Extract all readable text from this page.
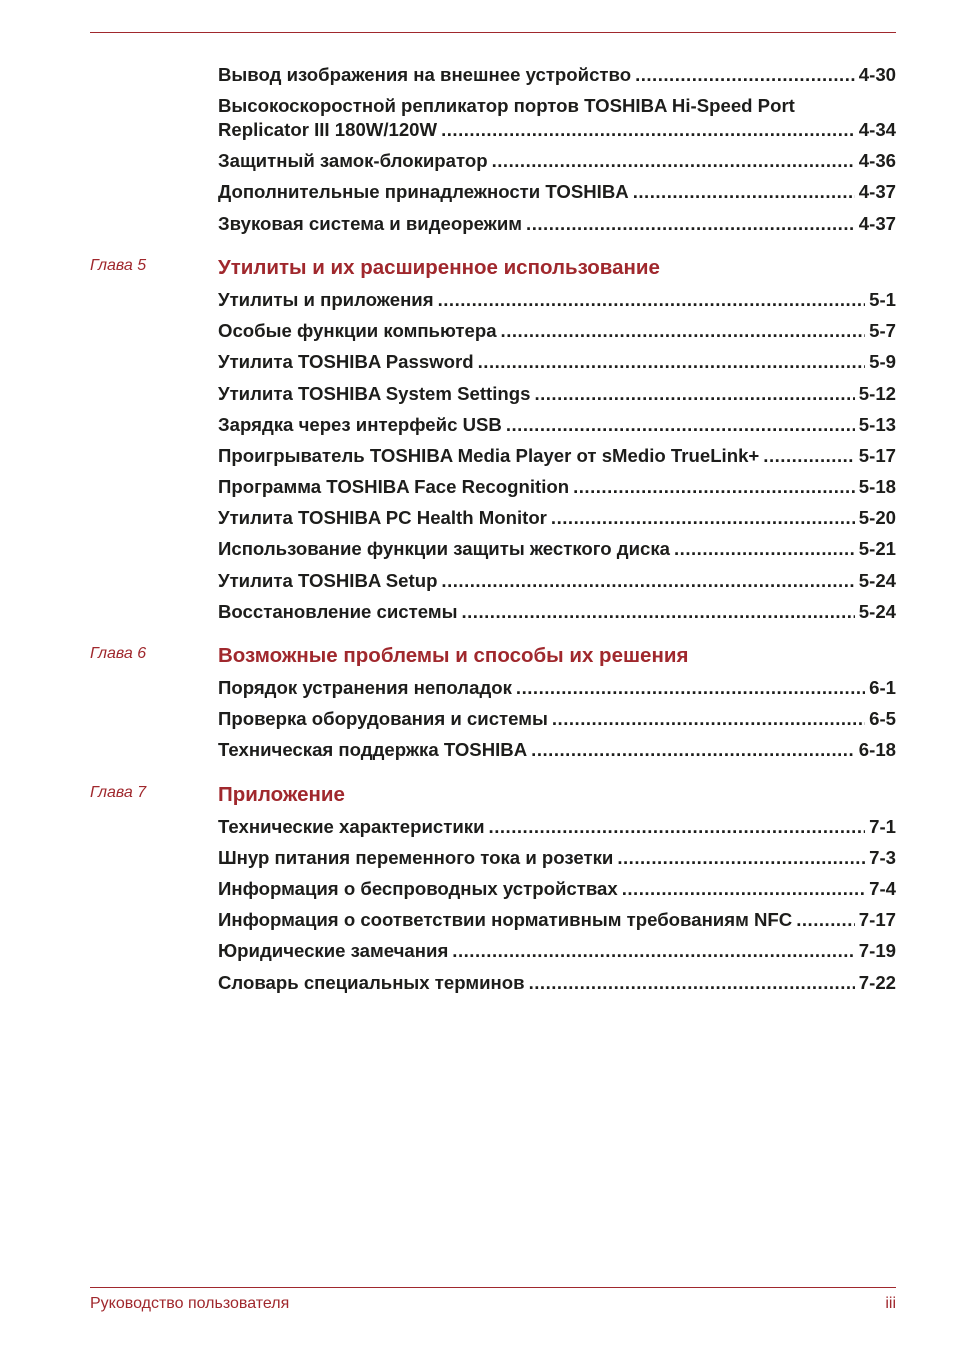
Вывод изображения на внешнее устройство .....	4-30
Высокоскоростной репликатор портов TOSHIBA Hi-Speed Port
Replicator III 180W/120W .....	4-34
Защитный замок-блокиратор .....	4-36
Дополнительные принадлежности TOSHIBA .....	4-37
Звуковая система и видеорежим .....	4-37
Глава 5	Утилиты и их расширенное использование
Утилиты и приложения .....	5-1
Особые функции компьютера .....	5-7
Утилита TOSHIBA Password .....	5-9
Утилита TOSHIBA System Settings .....	5-12
Зарядка через интерфейс USB .....	5-13
Проигрыватель TOSHIBA Media Player от sMedio TrueLink+ .....	5-17
Программа TOSHIBA Face Recognition .....	5-18
Утилита TOSHIBA PC Health Monitor .....	5-20
Использование функции защиты жесткого диска .....	5-21
Утилита TOSHIBA Setup .....	5-24
Восстановление системы .....	5-24
Глава 6	Возможные проблемы и способы их решения
Порядок устранения неполадок .....	6-1
Проверка оборудования и системы .....	6-5
Техническая поддержка TOSHIBA .....	6-18
Глава 7	Приложение
Технические характеристики .....	7-1
Шнур питания переменного тока и розетки .....	7-3
Информация о беспроводных устройствах .....	7-4
Информация о соответствии нормативным требованиям NFC .....	7-17
Юридические замечания .....	7-19
Словарь специальных терминов .....	7-22
Руководство пользователя	iii
